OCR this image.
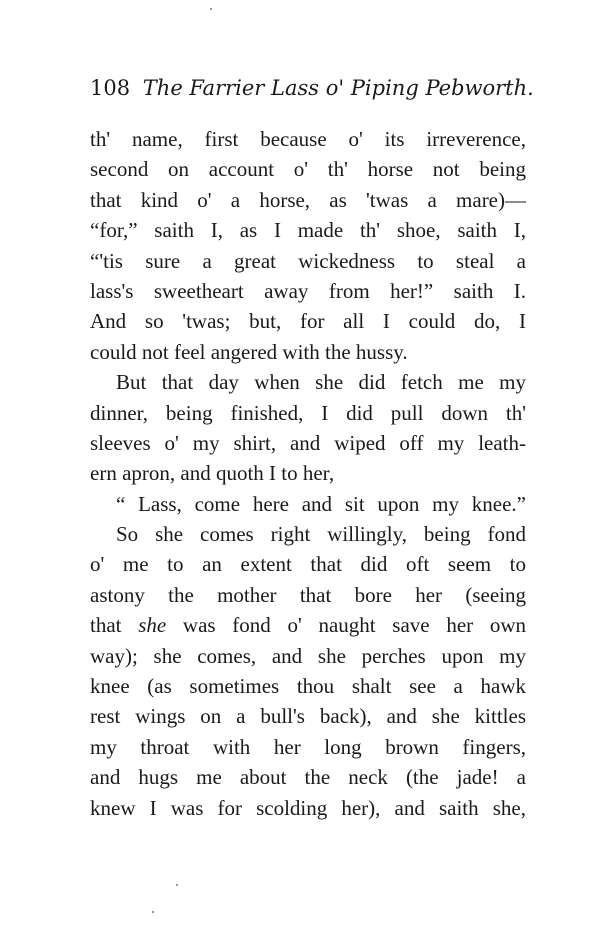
108 The Farrier Lass o' Piping Pebworth.
th' name, first because o' its irreverence,
second on account o' th' horse not being
that kind o' a horse, as 'twas a mare)—
“for,” saith I, as I made th' shoe, saith I,
“'tis sure a great wickedness to steal a
lass's sweetheart away from her!” saith I.
And so 'twas; but, for all I could do, I
could not feel angered with the hussy.
But that day when she did fetch me my
dinner, being finished, I did pull down th'
sleeves o' my shirt, and wiped off my leath-
ern apron, and quoth I to her,
“ Lass, come here and sit upon my knee.”
So she comes right willingly, being fond
o' me to an extent that did oft seem to
astony the mother that bore her (seeing
that she was fond o' naught save her own
way); she comes, and she perches upon my
knee (as sometimes thou shalt see a hawk
rest wings on a bull's back), and she kittles
my throat with her long brown fingers,
and hugs me about the neck (the jade! a
knew I was for scolding her), and saith she,
